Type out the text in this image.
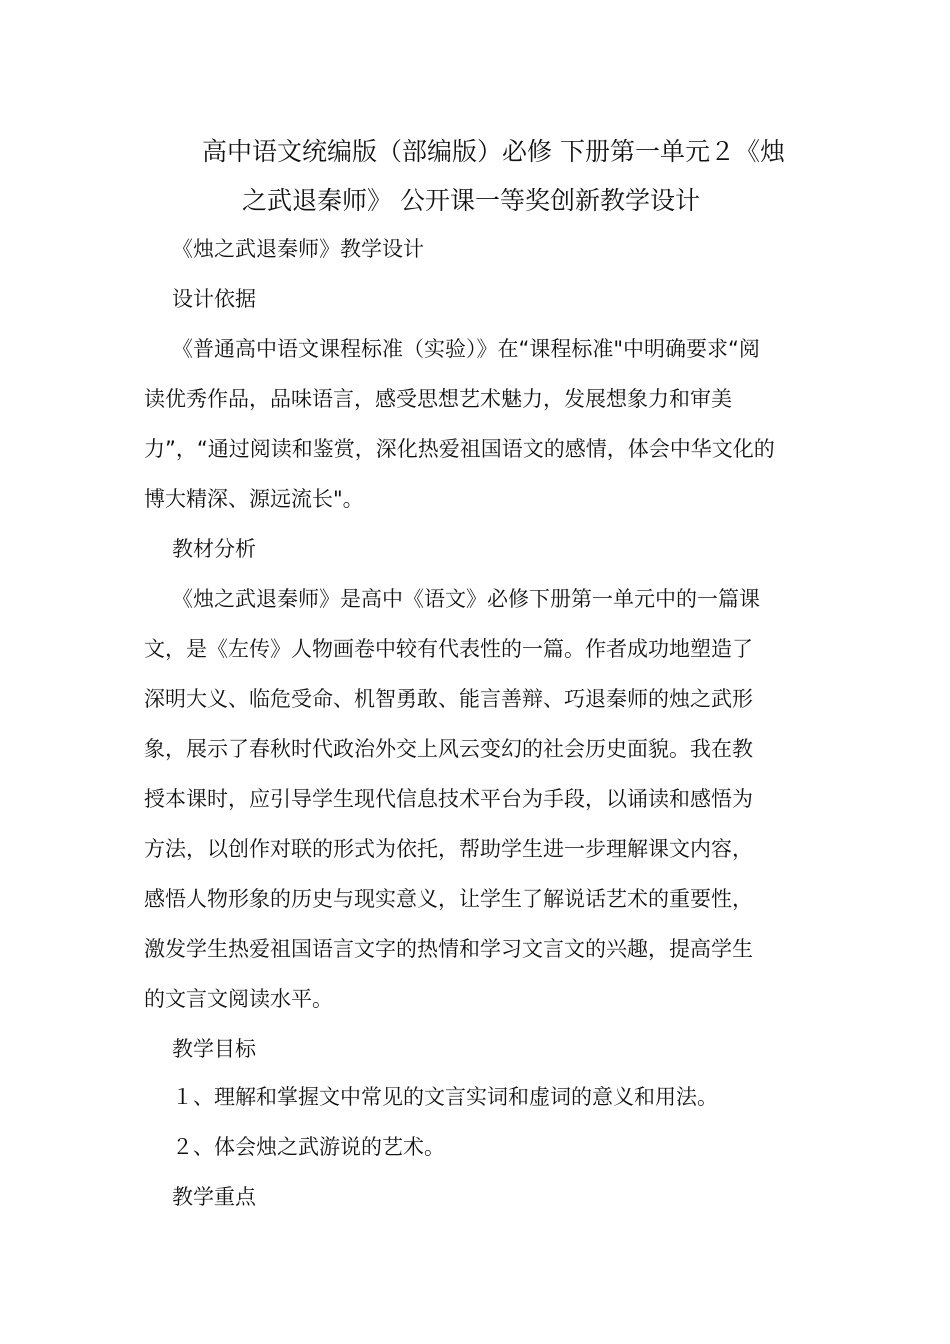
高中语文统编版（部编版）必修 下册第一单元２《烛
之武退秦师》 公开课一等奖创新教学设计
《烛之武退秦师》教学设计
设计依据
《普通高中语文课程标准（实验）》在“课程标准"中明确要求“阅
读优秀作品，品味语言，感受思想艺术魅力，发展想象力和审美
力”，“通过阅读和鉴赏，深化热爱祖国语文的感情，体会中华文化的
博大精深、源远流长"。
教材分析
《烛之武退秦师》是高中《语文》必修下册第一单元中的一篇课
文，是《左传》人物画卷中较有代表性的一篇。作者成功地塑造了
深明大义、临危受命、机智勇敢、能言善辩、巧退秦师的烛之武形
象，展示了春秋时代政治外交上风云变幻的社会历史面貌。我在教
授本课时，应引导学生现代信息技术平台为手段，以诵读和感悟为
方法，以创作对联的形式为依托，帮助学生进一步理解课文内容，
感悟人物形象的历史与现实意义，让学生了解说话艺术的重要性，
激发学生热爱祖国语言文字的热情和学习文言文的兴趣，提高学生
的文言文阅读水平。
教学目标
１、理解和掌握文中常见的文言实词和虚词的意义和用法。
２、体会烛之武游说的艺术。
教学重点
